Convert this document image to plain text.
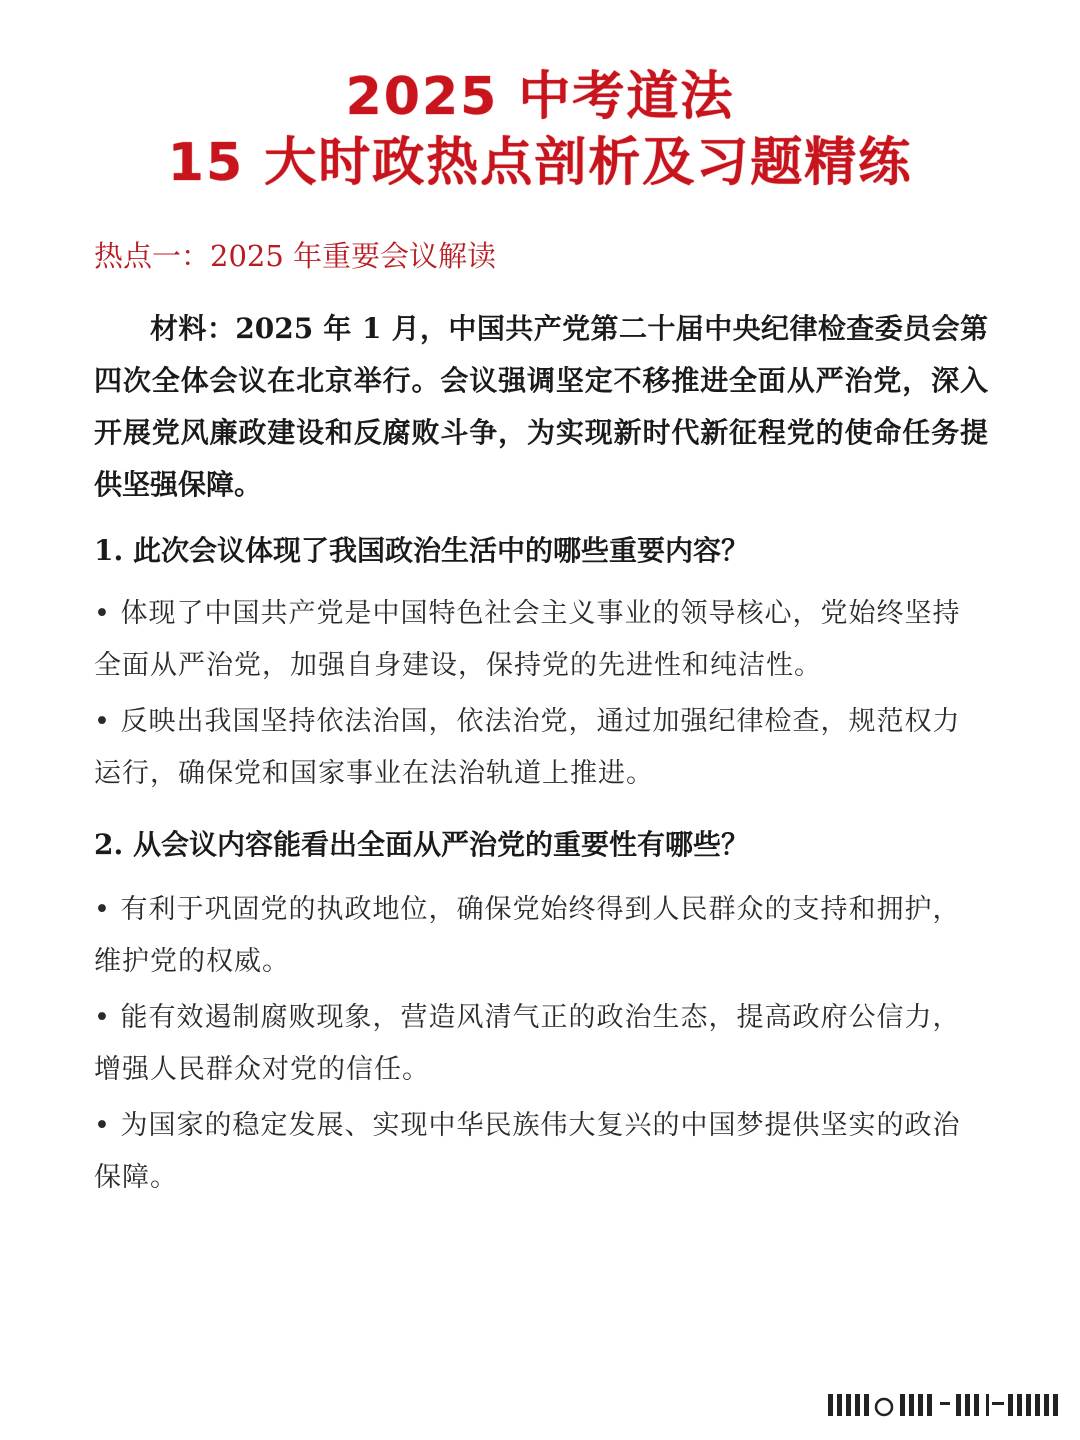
2025 中考道法
15 大时政热点剖析及习题精练
热点一：2025 年重要会议解读
材料：2025 年 1 月，中国共产党第二十届中央纪律检查委员会第四次全体会议在北京举行。会议强调坚定不移推进全面从严治党，深入开展党风廉政建设和反腐败斗争，为实现新时代新征程党的使命任务提供坚强保障。
1. 此次会议体现了我国政治生活中的哪些重要内容？
• 体现了中国共产党是中国特色社会主义事业的领导核心，党始终坚持全面从严治党，加强自身建设，保持党的先进性和纯洁性。
• 反映出我国坚持依法治国，依法治党，通过加强纪律检查，规范权力运行，确保党和国家事业在法治轨道上推进。
2. 从会议内容能看出全面从严治党的重要性有哪些？
• 有利于巩固党的执政地位，确保党始终得到人民群众的支持和拥护，维护党的权威。
• 能有效遏制腐败现象，营造风清气正的政治生态，提高政府公信力，增强人民群众对党的信任。
• 为国家的稳定发展、实现中华民族伟大复兴的中国梦提供坚实的政治保障。
